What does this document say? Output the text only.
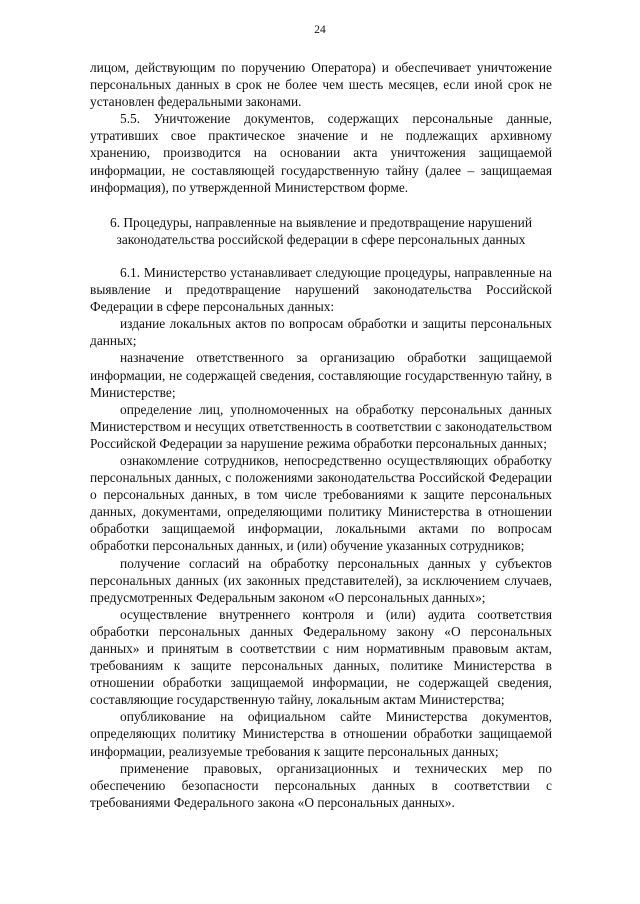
24

лицом, действующим по поручению Оператора) и обеспечивает уничтожение персональных данных в срок не более чем шесть месяцев, если иной срок не установлен федеральными законами.

5.5. Уничтожение документов, содержащих персональные данные, утративших свое практическое значение и не подлежащих архивному хранению, производится на основании акта уничтожения защищаемой информации, не составляющей государственную тайну (далее – защищаемая информация), по утвержденной Министерством форме.

6. Процедуры, направленные на выявление и предотвращение нарушений законодательства российской федерации в сфере персональных данных

6.1. Министерство устанавливает следующие процедуры, направленные на выявление и предотвращение нарушений законодательства Российской Федерации в сфере персональных данных:

издание локальных актов по вопросам обработки и защиты персональных данных;

назначение ответственного за организацию обработки защищаемой информации, не содержащей сведения, составляющие государственную тайну, в Министерстве;

определение лиц, уполномоченных на обработку персональных данных Министерством и несущих ответственность в соответствии с законодательством Российской Федерации за нарушение режима обработки персональных данных;

ознакомление сотрудников, непосредственно осуществляющих обработку персональных данных, с положениями законодательства Российской Федерации о персональных данных, в том числе требованиями к защите персональных данных, документами, определяющими политику Министерства в отношении обработки защищаемой информации, локальными актами по вопросам обработки персональных данных, и (или) обучение указанных сотрудников;

получение согласий на обработку персональных данных у субъектов персональных данных (их законных представителей), за исключением случаев, предусмотренных Федеральным законом «О персональных данных»;

осуществление внутреннего контроля и (или) аудита соответствия обработки персональных данных Федеральному закону «О персональных данных» и принятым в соответствии с ним нормативным правовым актам, требованиям к защите персональных данных, политике Министерства в отношении обработки защищаемой информации, не содержащей сведения, составляющие государственную тайну, локальным актам Министерства;

опубликование на официальном сайте Министерства документов, определяющих политику Министерства в отношении обработки защищаемой информации, реализуемые требования к защите персональных данных;

применение правовых, организационных и технических мер по обеспечению безопасности персональных данных в соответствии с требованиями Федерального закона «О персональных данных».
